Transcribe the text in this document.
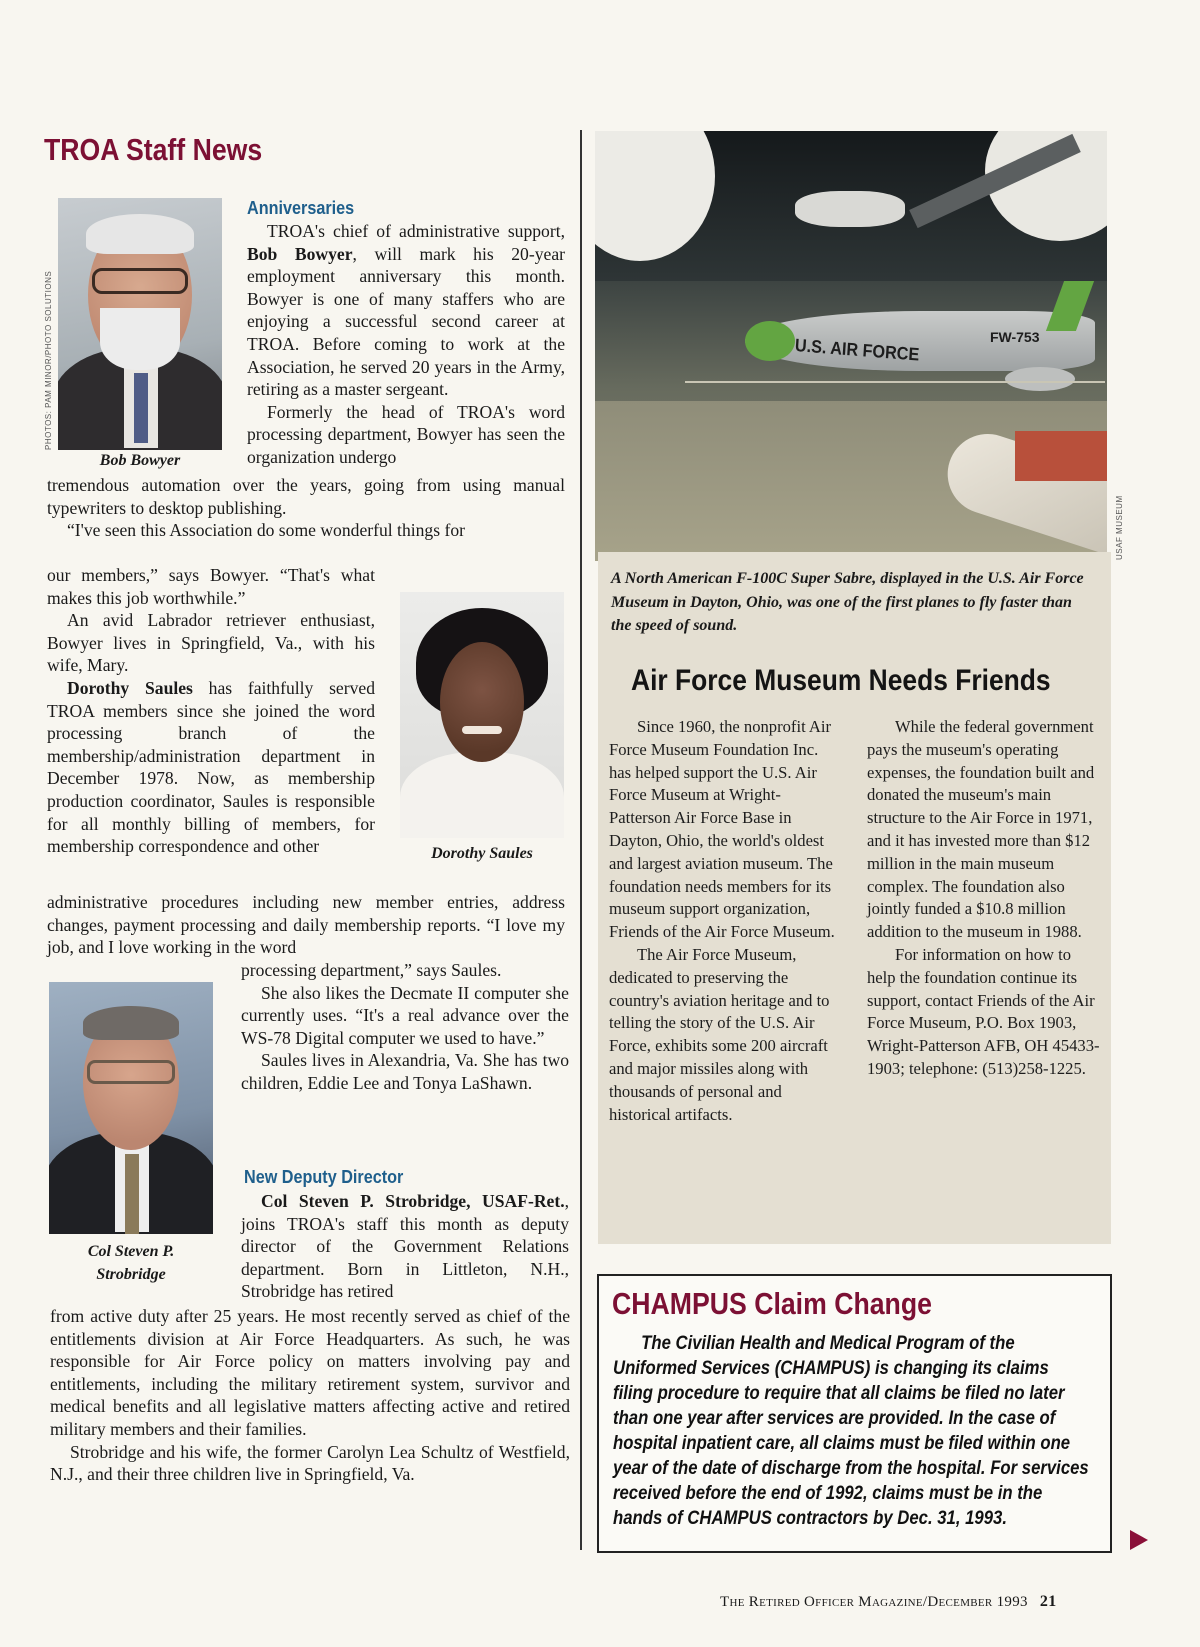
TROA Staff News
PHOTOS: PAM MINOR/PHOTO SOLUTIONS
Bob Bowyer
Anniversaries

TROA's chief of administrative support, Bob Bowyer, will mark his 20-year employment anniversary this month. Bowyer is one of many staffers who are enjoying a successful second career at TROA. Before coming to work at the Association, he served 20 years in the Army, retiring as a master sergeant.

Formerly the head of TROA's word processing department, Bowyer has seen the organization undergo

tremendous automation over the years, going from using manual typewriters to desktop publishing.

“I've seen this Association do some wonderful things for

Dorothy Saules

our members,” says Bowyer. “That's what makes this job worthwhile.”

An avid Labrador retriever enthusiast, Bowyer lives in Springfield, Va., with his wife, Mary.

Dorothy Saules has faithfully served TROA members since she joined the word processing branch of the membership/administration department in December 1978. Now, as membership production coordinator, Saules is responsible for all monthly billing of members, for membership correspondence and other

administrative procedures including new member entries, address changes, payment processing and daily membership reports. “I love my job, and I love working in the word

Col Steven P.
Strobridge

processing department,” says Saules.

She also likes the Decmate II computer she currently uses. “It's a real advance over the WS-78 Digital computer we used to have.”

Saules lives in Alexandria, Va. She has two children, Eddie Lee and Tonya LaShawn.

New Deputy Director

Col Steven P. Strobridge, USAF-Ret., joins TROA's staff this month as deputy director of the Government Relations department. Born in Littleton, N.H., Strobridge has retired

from active duty after 25 years. He most recently served as chief of the entitlements division at Air Force Headquarters. As such, he was responsible for Air Force policy on matters involving pay and entitlements, including the military retirement system, survivor and medical benefits and all legislative matters affecting active and retired military members and their families.

Strobridge and his wife, the former Carolyn Lea Schultz of Westfield, N.J., and their three children live in Springfield, Va.

U.S. AIR FORCE	FW-753
USAF MUSEUM
A North American F-100C Super Sabre, displayed in the U.S. Air Force Museum in Dayton, Ohio, was one of the first planes to fly faster than the speed of sound.
Air Force Museum Needs Friends

Since 1960, the nonprofit Air Force Museum Foundation Inc. has helped support the U.S. Air Force Museum at Wright-Patterson Air Force Base in Dayton, Ohio, the world's oldest and largest aviation museum. The foundation needs members for its museum support organization, Friends of the Air Force Museum.

The Air Force Museum, dedicated to preserving the country's aviation heritage and to telling the story of the U.S. Air Force, exhibits some 200 aircraft and major missiles along with thousands of personal and historical artifacts.

While the federal government pays the museum's operating expenses, the foundation built and donated the museum's main structure to the Air Force in 1971, and it has invested more than $12 million in the main museum complex. The foundation also jointly funded a $10.8 million addition to the museum in 1988.

For information on how to help the foundation continue its support, contact Friends of the Air Force Museum, P.O. Box 1903, Wright-Patterson AFB, OH 45433-1903; telephone: (513)258-1225.

CHAMPUS Claim Change
The Civilian Health and Medical Program of the Uniformed Services (CHAMPUS) is changing its claims filing procedure to require that all claims be filed no later than one year after services are provided. In the case of hospital inpatient care, all claims must be filed within one year of the date of discharge from the hospital. For services received before the end of 1992, claims must be in the hands of CHAMPUS contractors by Dec. 31, 1993.
The Retired Officer Magazine/December 1993 21
